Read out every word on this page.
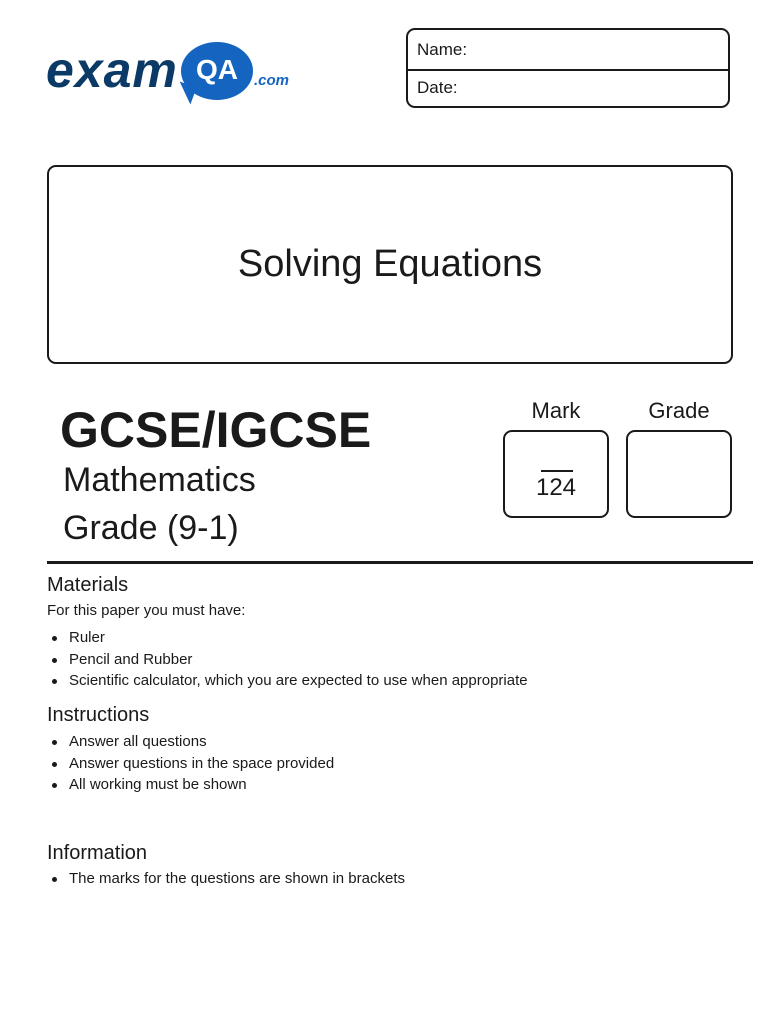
exam QA	.com
Name:
Date:
Solving Equations
GCSE/IGCSE
Mathematics
Grade (9-1)
Mark	Grade
124
Materials
For this paper you must have:
Ruler
Pencil and Rubber
Scientific calculator, which you are expected to use when appropriate
Instructions
Answer all questions
Answer questions in the space provided
All working must be shown
Information
The marks for the questions are shown in brackets
